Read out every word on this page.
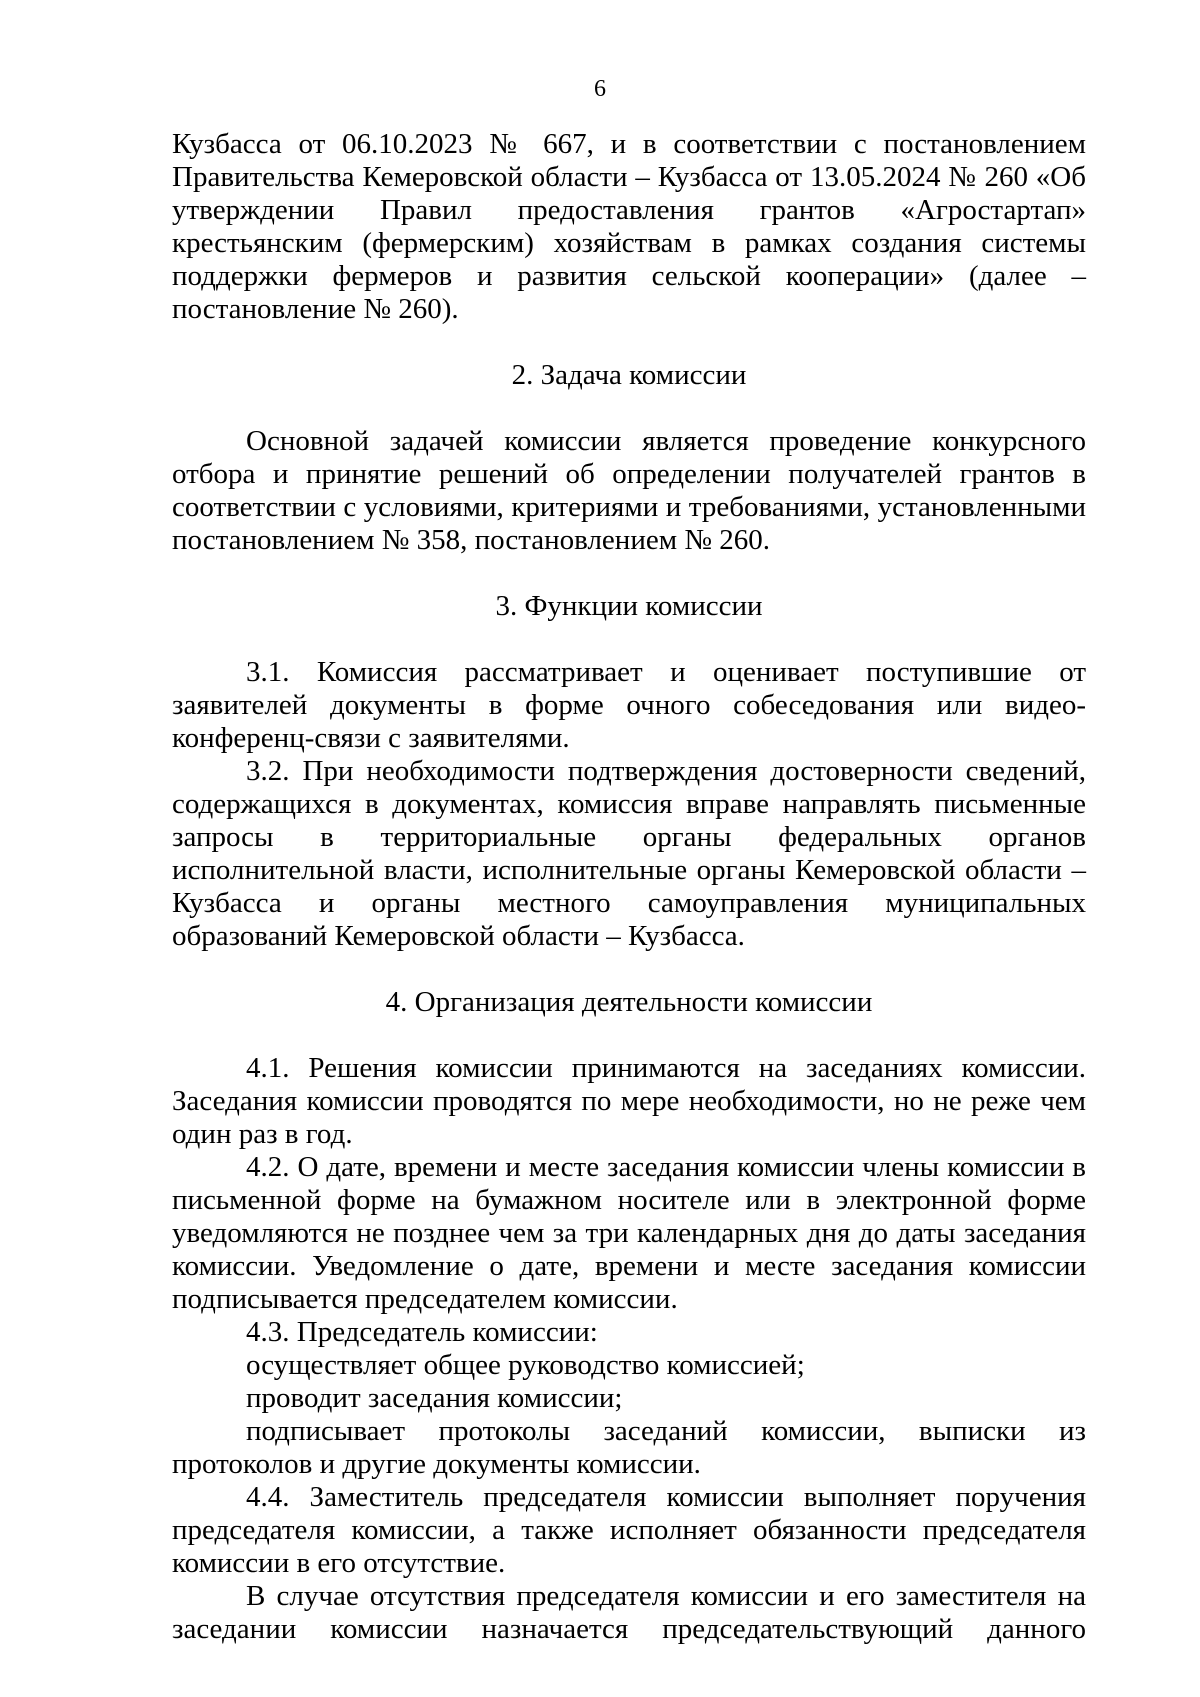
6

Кузбасса от 06.10.2023 № 667, и в соответствии с постановлением Правительства Кемеровской области – Кузбасса от 13.05.2024 № 260 «Об утверждении Правил предоставления грантов «Агростартап» крестьянским (фермерским) хозяйствам в рамках создания системы поддержки фермеров и развития сельской кооперации» (далее – постановление № 260).

2. Задача комиссии

Основной задачей комиссии является проведение конкурсного отбора и принятие решений об определении получателей грантов в соответствии с условиями, критериями и требованиями, установленными постановлением № 358, постановлением № 260.

3. Функции комиссии

3.1. Комиссия рассматривает и оценивает поступившие от заявителей документы в форме очного собеседования или видео-конференц-связи с заявителями.

3.2. При необходимости подтверждения достоверности сведений, содержащихся в документах, комиссия вправе направлять письменные запросы в территориальные органы федеральных органов исполнительной власти, исполнительные органы Кемеровской области – Кузбасса и органы местного самоуправления муниципальных образований Кемеровской области – Кузбасса.

4. Организация деятельности комиссии

4.1. Решения комиссии принимаются на заседаниях комиссии. Заседания комиссии проводятся по мере необходимости, но не реже чем один раз в год.

4.2. О дате, времени и месте заседания комиссии члены комиссии в письменной форме на бумажном носителе или в электронной форме уведомляются не позднее чем за три календарных дня до даты заседания комиссии. Уведомление о дате, времени и месте заседания комиссии подписывается председателем комиссии.

4.3. Председатель комиссии:

осуществляет общее руководство комиссией;

проводит заседания комиссии;

подписывает протоколы заседаний комиссии, выписки из протоколов и другие документы комиссии.

4.4. Заместитель председателя комиссии выполняет поручения председателя комиссии, а также исполняет обязанности председателя комиссии в его отсутствие.

В случае отсутствия председателя комиссии и его заместителя на заседании комиссии назначается председательствующий данного
